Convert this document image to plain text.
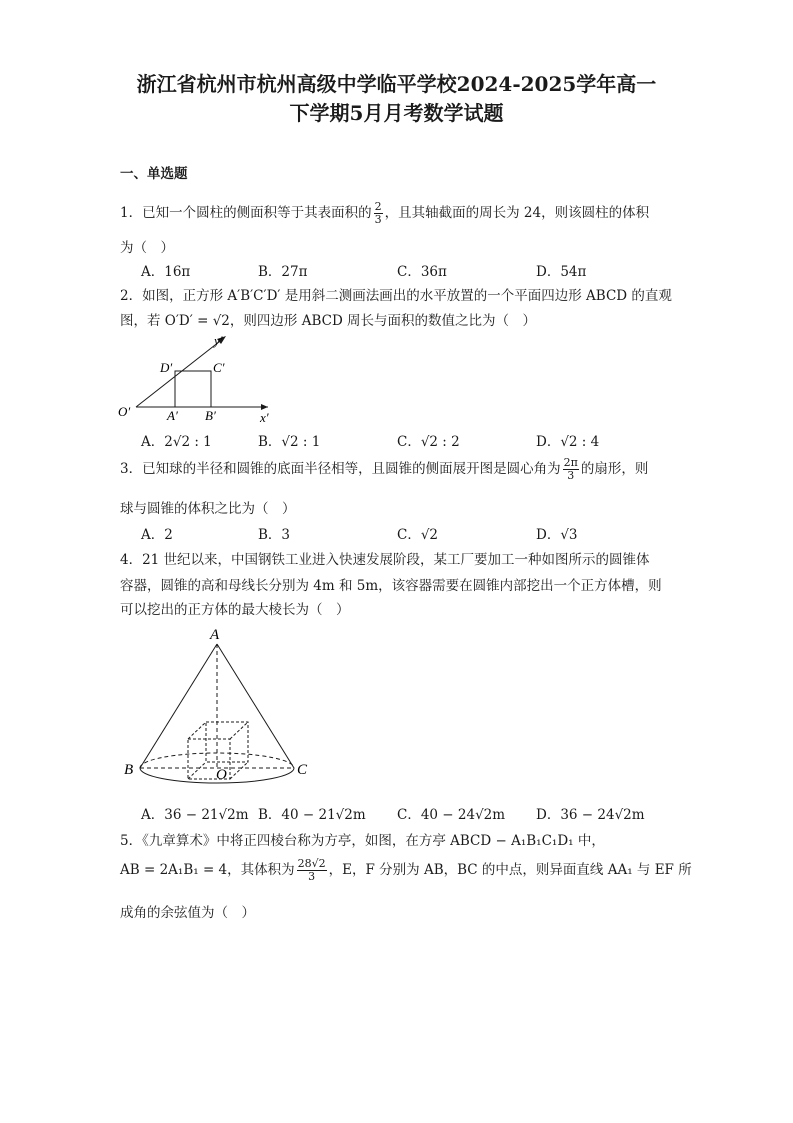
浙江省杭州市杭州高级中学临平学校2024-2025学年高一
下学期5月月考数学试题
一、单选题
1．已知一个圆柱的侧面积等于其表面积的 $\frac{2}{3}$ ，且其轴截面的周长为 24，则该圆柱的体积
为（　）
A．16π	B．27π	C．36π	D．54π
2．如图，正方形 A′B′C′D′ 是用斜二测画法画出的水平放置的一个平面四边形 ABCD 的直观
图，若 O′D′ = √2，则四边形 ABCD 周长与面积的数值之比为（　）
y′
D′	C′
O′	A′ B′	x′
A．2√2 : 1	B．√2 : 1	C．√2 : 2	D．√2 : 4
3．已知球的半径和圆锥的底面半径相等，且圆锥的侧面展开图是圆心角为 $\frac{2\pi}{3}$ 的扇形，则
球与圆锥的体积之比为（　）
A．2	B．3	C．√2	D．√3
4．21 世纪以来，中国钢铁工业进入快速发展阶段，某工厂要加工一种如图所示的圆锥体
容器，圆锥的高和母线长分别为 4m 和 5m，该容器需要在圆锥内部挖出一个正方体槽，则
可以挖出的正方体的最大棱长为（　）
A
B	C
O
A．36 − 21√2m B．40 − 21√2m C．40 − 24√2m D．36 − 24√2m
5．《九章算术》中将正四棱台称为方亭，如图，在方亭 ABCD − A₁B₁C₁D₁ 中，
AB = 2A₁B₁ = 4，其体积为 $\frac{28√2}{3}$ ，E，F 分别为 AB，BC 的中点，则异面直线 AA₁ 与 EF 所
成角的余弦值为（　）
